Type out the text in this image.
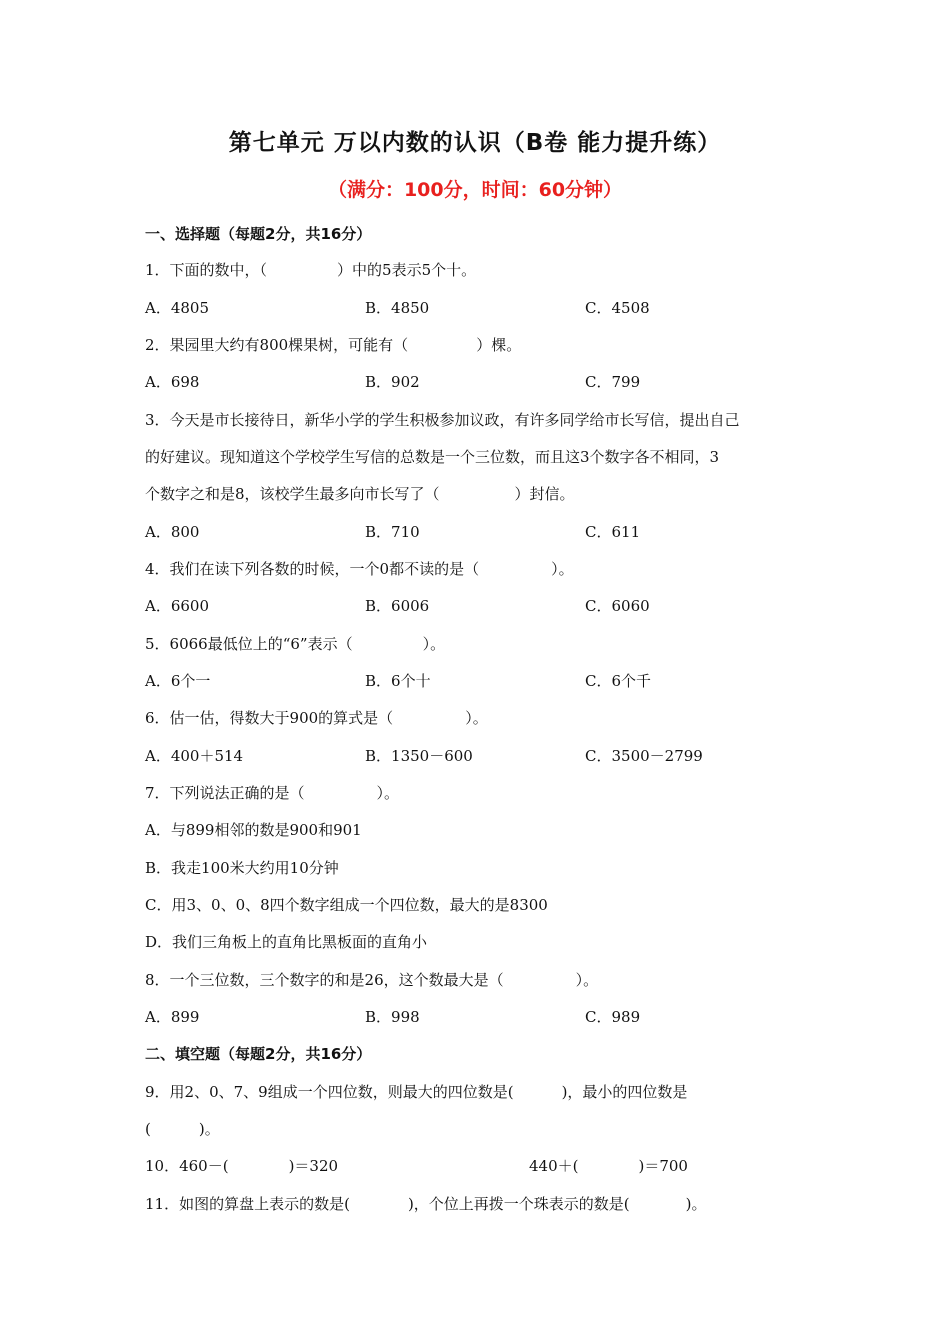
第七单元 万以内数的认识（B卷 能力提升练）
（满分：100分，时间：60分钟）
一、选择题（每题2分，共16分）
1．下面的数中，（	）中的5表示5个十。
A．4805	B．4850	C．4508
2．果园里大约有800棵果树，可能有（	）棵。
A．698	B．902	C．799
3．今天是市长接待日，新华小学的学生积极参加议政，有许多同学给市长写信，提出自己
的好建议。现知道这个学校学生写信的总数是一个三位数，而且这3个数字各不相同，3
个数字之和是8，该校学生最多向市长写了（	）封信。
A．800	B．710	C．611
4．我们在读下列各数的时候，一个0都不读的是（	）。
A．6600	B．6006	C．6060
5．6066最低位上的“6”表示（	）。
A．6个一	B．6个十	C．6个千
6．估一估，得数大于900的算式是（	）。
A．400＋514	B．1350－600	C．3500－2799
7．下列说法正确的是（	）。
A．与899相邻的数是900和901
B．我走100米大约用10分钟
C．用3、0、0、8四个数字组成一个四位数，最大的是8300
D．我们三角板上的直角比黑板面的直角小
8．一个三位数，三个数字的和是26，这个数最大是（	）。
A．899	B．998	C．989
二、填空题（每题2分，共16分）
9．用2、0、7、9组成一个四位数，则最大的四位数是(	)，最小的四位数是
(	)。
10．460－(	)＝320	440＋(	)＝700
11．如图的算盘上表示的数是(	)，个位上再拨一个珠表示的数是(	)。
